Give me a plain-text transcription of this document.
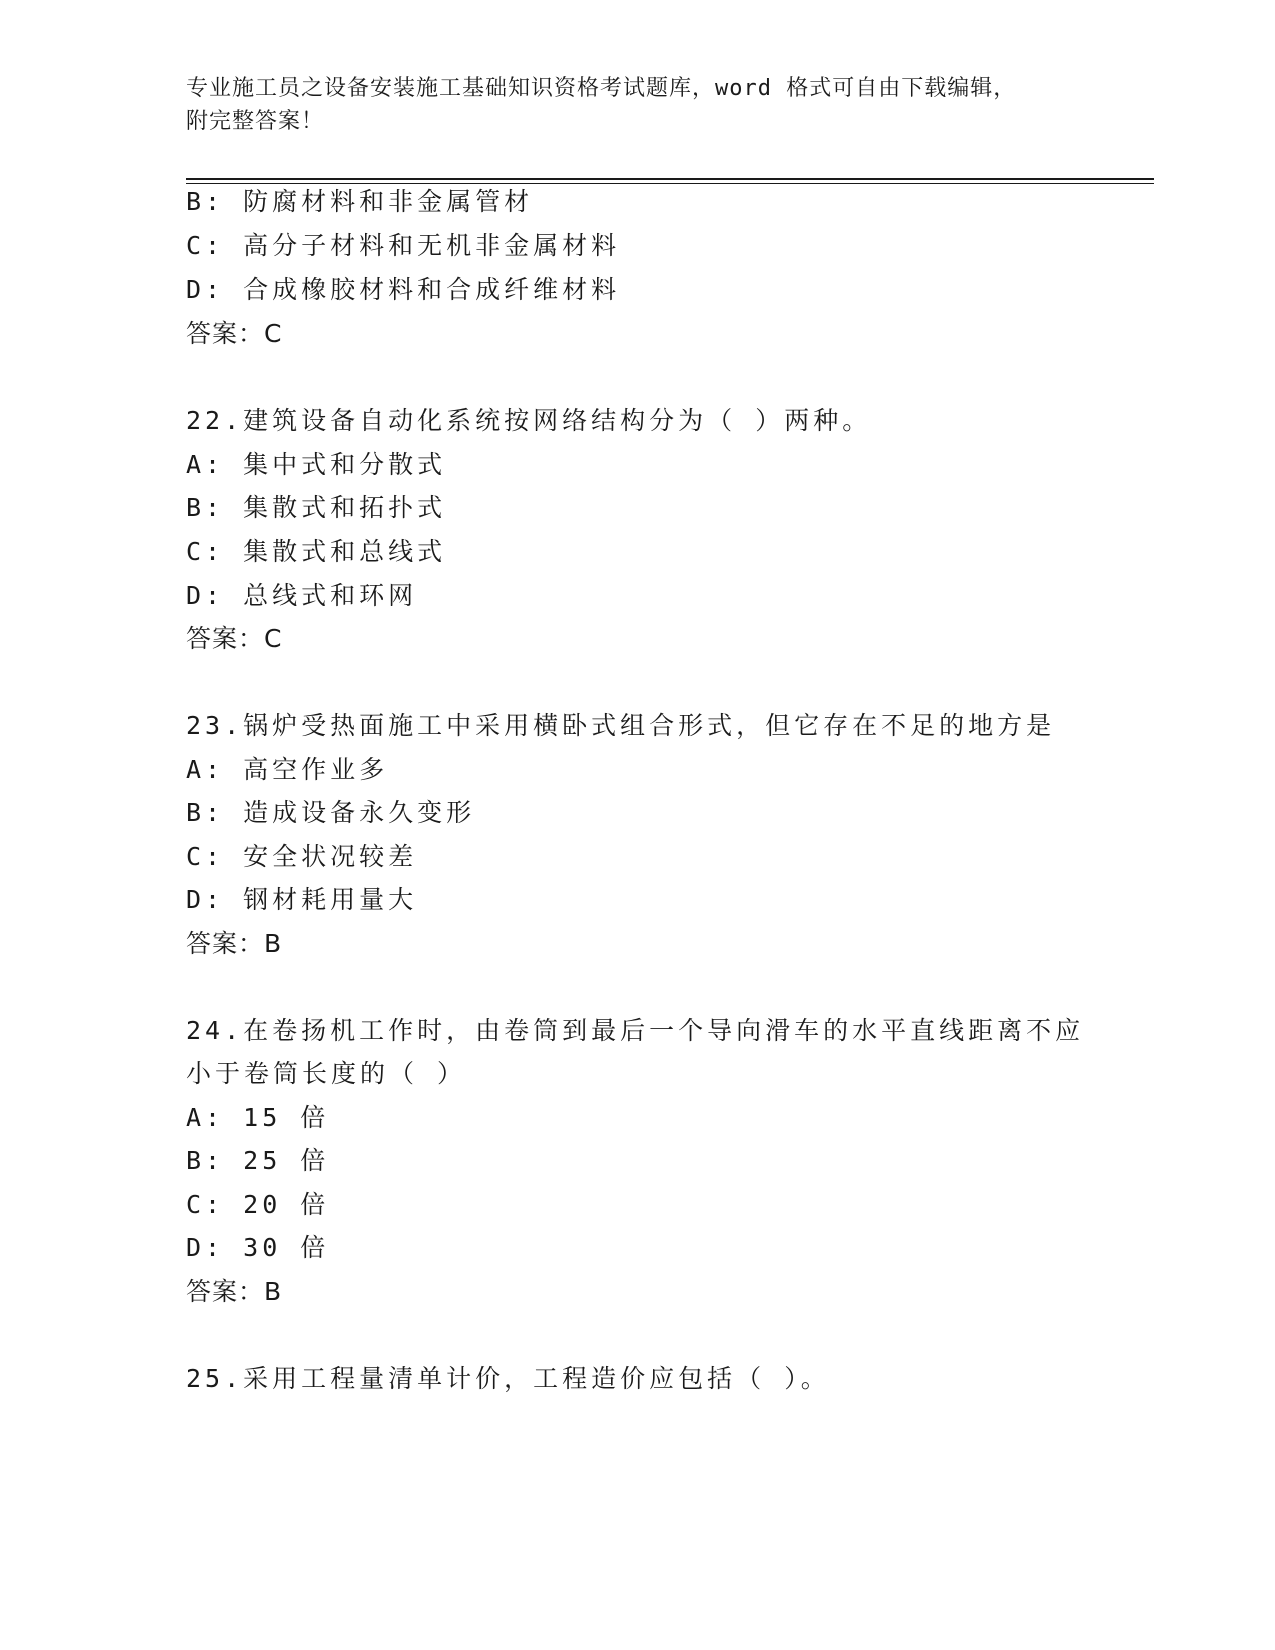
专业施工员之设备安装施工基础知识资格考试题库，word 格式可自由下载编辑，
附完整答案！
B: 防腐材料和非金属管材
C: 高分子材料和无机非金属材料
D: 合成橡胶材料和合成纤维材料
答案：C
22.建筑设备自动化系统按网络结构分为（ ）两种。
A: 集中式和分散式
B: 集散式和拓扑式
C: 集散式和总线式
D: 总线式和环网
答案：C
23.锅炉受热面施工中采用横卧式组合形式，但它存在不足的地方是
A: 高空作业多
B: 造成设备永久变形
C: 安全状况较差
D: 钢材耗用量大
答案：B
24.在卷扬机工作时，由卷筒到最后一个导向滑车的水平直线距离不应
小于卷筒长度的（ ）
A: 15 倍
B: 25 倍
C: 20 倍
D: 30 倍
答案：B
25.采用工程量清单计价，工程造价应包括（ ）。
